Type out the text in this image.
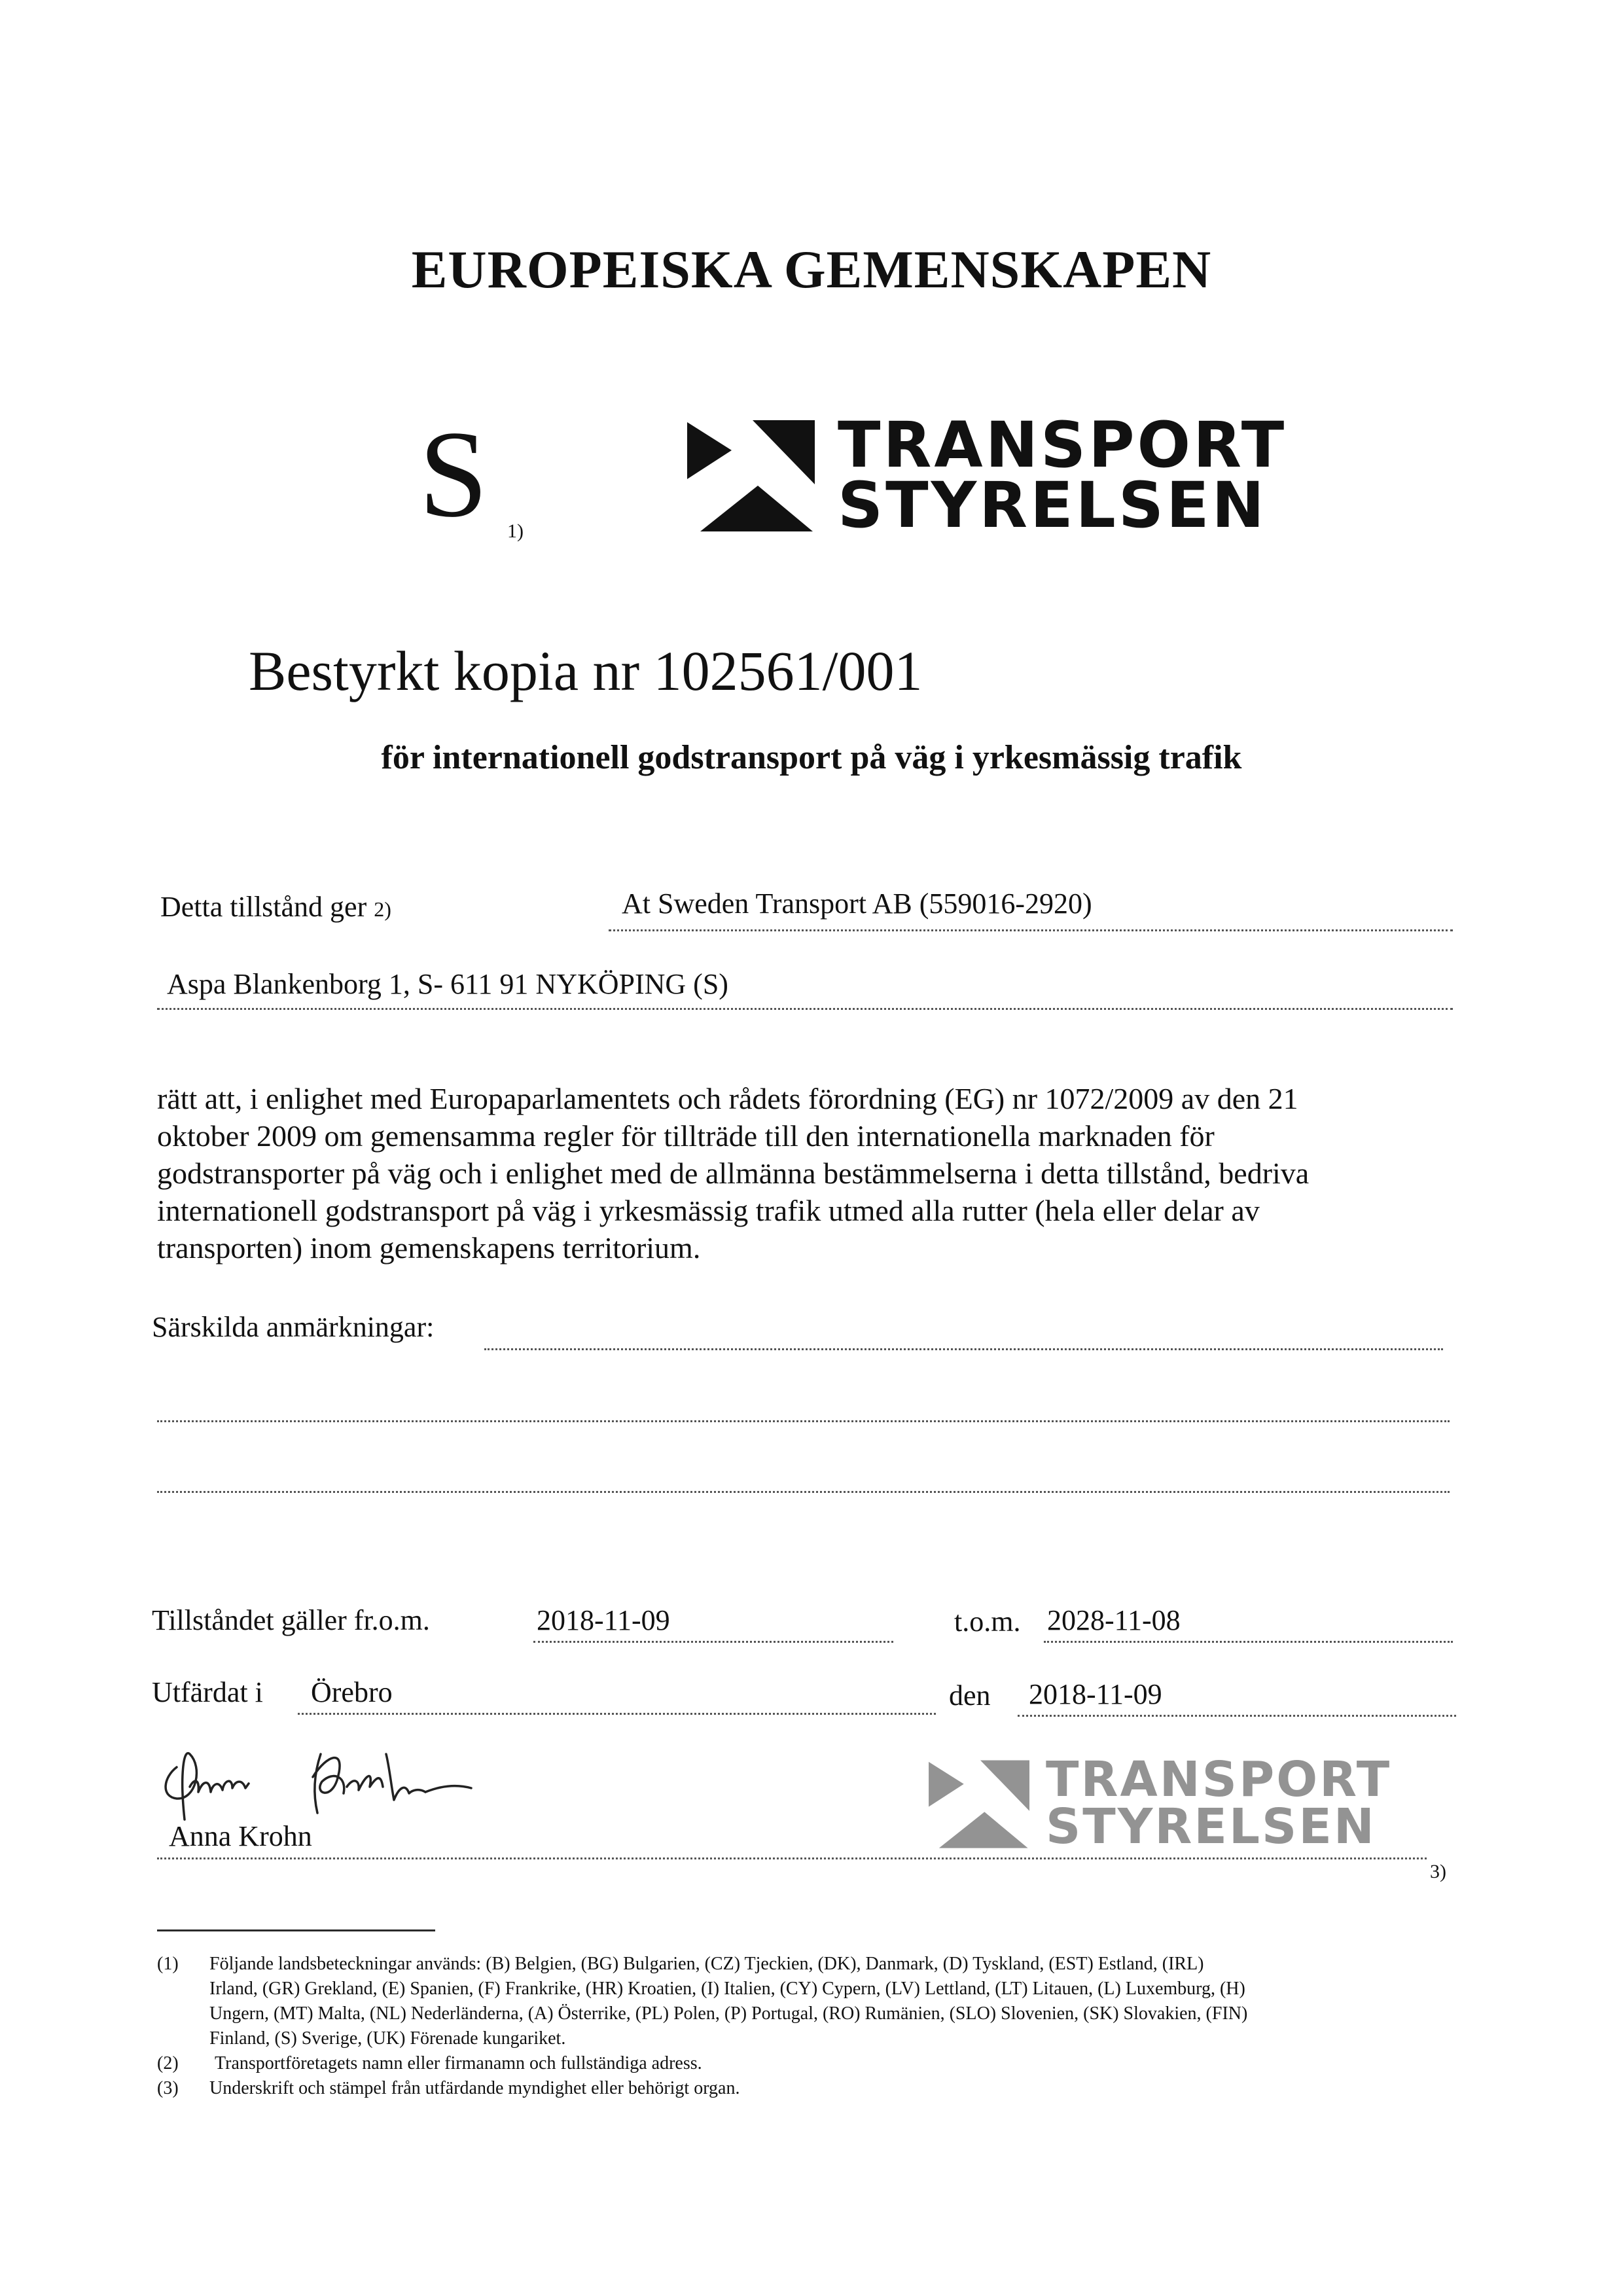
EUROPEISKA GEMENSKAPEN
S 1)
TRANSPORT
STYRELSEN
Bestyrkt kopia nr 102561/001
för internationell godstransport på väg i yrkesmässig trafik
Detta tillstånd ger 2)	At Sweden Transport AB (559016-2920)
Aspa Blankenborg 1, S- 611 91 NYKÖPING (S)
rätt att, i enlighet med Europaparlamentets och rådets förordning (EG) nr 1072/2009 av den 21
oktober 2009 om gemensamma regler för tillträde till den internationella marknaden för
godstransporter på väg och i enlighet med de allmänna bestämmelserna i detta tillstånd, bedriva
internationell godstransport på väg i yrkesmässig trafik utmed alla rutter (hela eller delar av
transporten) inom gemenskapens territorium.
Särskilda anmärkningar:
Tillståndet gäller fr.o.m.	2018-11-09	t.o.m. 2028-11-08
Utfärdat i Örebro	den 2018-11-09
Anna Krohn
3)
TRANSPORT
STYRELSEN
(1)	Följande landsbeteckningar används: (B) Belgien, (BG) Bulgarien, (CZ) Tjeckien, (DK), Danmark, (D) Tyskland, (EST) Estland, (IRL)
Irland, (GR) Grekland, (E) Spanien, (F) Frankrike, (HR) Kroatien, (I) Italien, (CY) Cypern, (LV) Lettland, (LT) Litauen, (L) Luxemburg, (H)
Ungern, (MT) Malta, (NL) Nederländerna, (A) Österrike, (PL) Polen, (P) Portugal, (RO) Rumänien, (SLO) Slovenien, (SK) Slovakien, (FIN)
Finland, (S) Sverige, (UK) Förenade kungariket.
(2)	Transportföretagets namn eller firmanamn och fullständiga adress.
(3)	Underskrift och stämpel från utfärdande myndighet eller behörigt organ.
